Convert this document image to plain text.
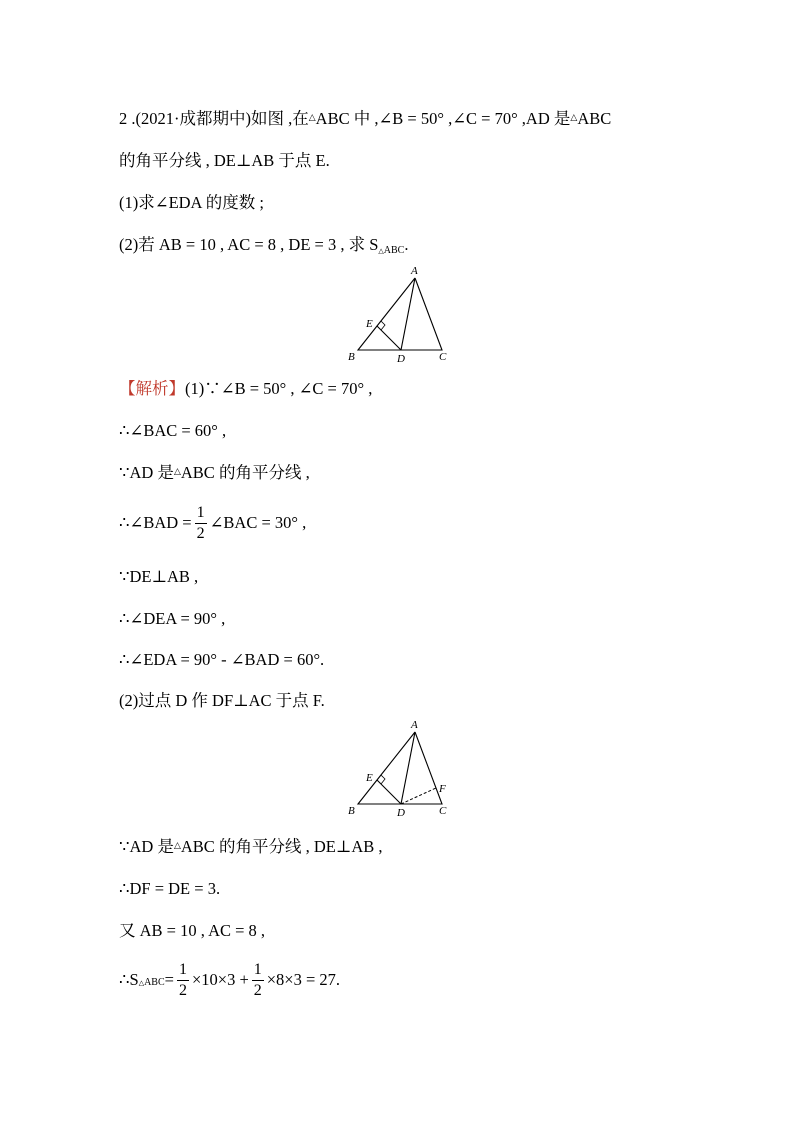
2 .(2021·成都期中)如图 ,在△ABC 中 ,∠B = 50° ,∠C = 70° ,AD 是△ABC
的角平分线 , DE⊥AB 于点 E.
(1)求∠EDA 的度数 ;
(2)若 AB = 10 , AC = 8 , DE = 3 , 求 S△ABC.
A
B	C
D
E
【解析】(1)∵∠B = 50° , ∠C = 70° ,
∴∠BAC = 60° ,
∵AD 是△ABC 的角平分线 ,
∴∠BAD = $\frac{1}{2}$ ∠BAC = 30° ,
∵DE⊥AB ,
∴∠DEA = 90° ,
∴∠EDA = 90° - ∠BAD = 60°.
(2)过点 D 作 DF⊥AC 于点 F.
A
B	C
D
E
F
∵AD 是△ABC 的角平分线 , DE⊥AB ,
∴DF = DE = 3.
又 AB = 10 , AC = 8 ,
∴S △ABC = $\frac{1}{2} \times 10\times 3 + \frac{1}{2} \times 8\times 3 = 27$.
